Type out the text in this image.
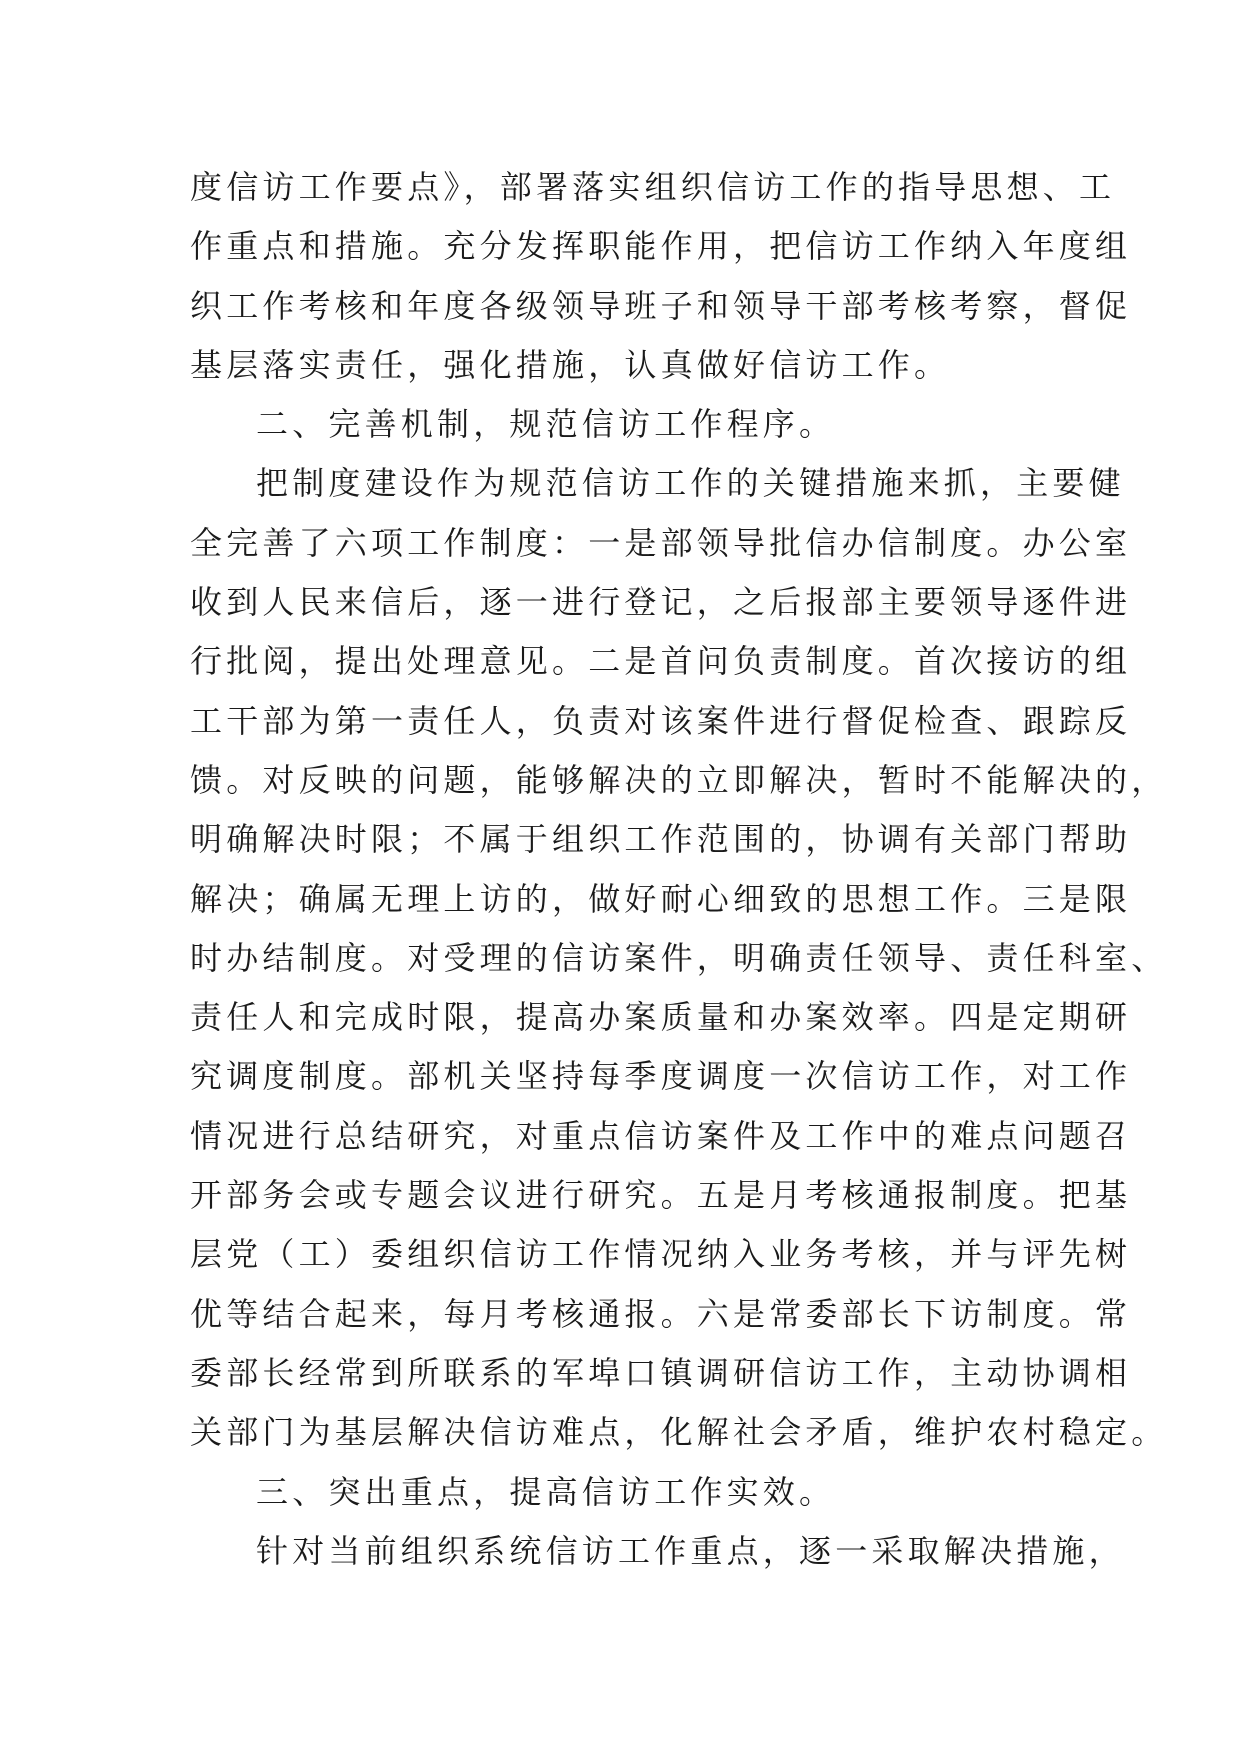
度信访工作要点》，部署落实组织信访工作的指导思想、工
作重点和措施。充分发挥职能作用，把信访工作纳入年度组
织工作考核和年度各级领导班子和领导干部考核考察，督促
基层落实责任，强化措施，认真做好信访工作。
二、完善机制，规范信访工作程序。
把制度建设作为规范信访工作的关键措施来抓，主要健
全完善了六项工作制度：一是部领导批信办信制度。办公室
收到人民来信后，逐一进行登记，之后报部主要领导逐件进
行批阅，提出处理意见。二是首问负责制度。首次接访的组
工干部为第一责任人，负责对该案件进行督促检查、跟踪反
馈。对反映的问题，能够解决的立即解决，暂时不能解决的，
明确解决时限；不属于组织工作范围的，协调有关部门帮助
解决；确属无理上访的，做好耐心细致的思想工作。三是限
时办结制度。对受理的信访案件，明确责任领导、责任科室、
责任人和完成时限，提高办案质量和办案效率。四是定期研
究调度制度。部机关坚持每季度调度一次信访工作，对工作
情况进行总结研究，对重点信访案件及工作中的难点问题召
开部务会或专题会议进行研究。五是月考核通报制度。把基
层党（工）委组织信访工作情况纳入业务考核，并与评先树
优等结合起来，每月考核通报。六是常委部长下访制度。常
委部长经常到所联系的军埠口镇调研信访工作，主动协调相
关部门为基层解决信访难点，化解社会矛盾，维护农村稳定。
三、突出重点，提高信访工作实效。
针对当前组织系统信访工作重点，逐一采取解决措施，
